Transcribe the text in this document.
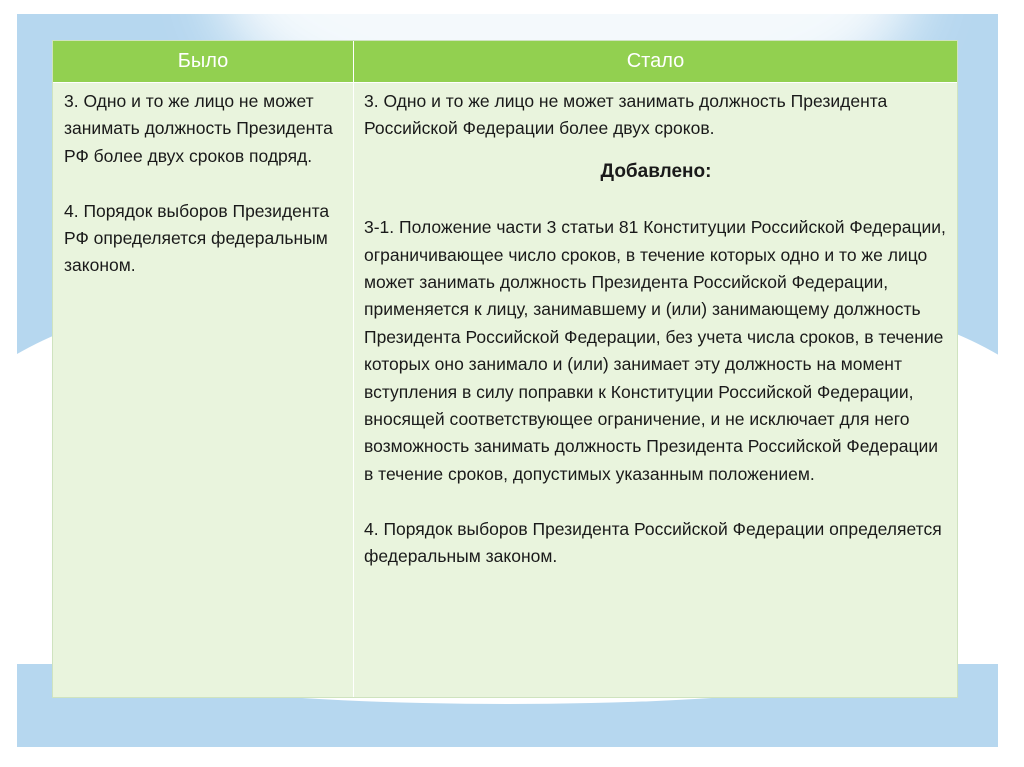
Было	Стало

3. Одно и то же лицо не может занимать должность Президента РФ более двух сроков подряд.

4. Порядок выборов Президента РФ определяется федеральным законом.

3. Одно и то же лицо не может занимать должность Президента Российской Федерации более двух сроков.

Добавлено:

3-1. Положение части 3 статьи 81 Конституции Российской Федерации, ограничивающее число сроков, в течение которых одно и то же лицо может занимать должность Президента Российской Федерации, применяется к лицу, занимавшему и (или) занимающему должность Президента Российской Федерации, без учета числа сроков, в течение которых оно занимало и (или) занимает эту должность на момент вступления в силу поправки к Конституции Российской Федерации, вносящей соответствующее ограничение, и не исключает для него возможность занимать должность Президента Российской Федерации в течение сроков, допустимых указанным положением.

4. Порядок выборов Президента Российской Федерации определяется федеральным законом.
